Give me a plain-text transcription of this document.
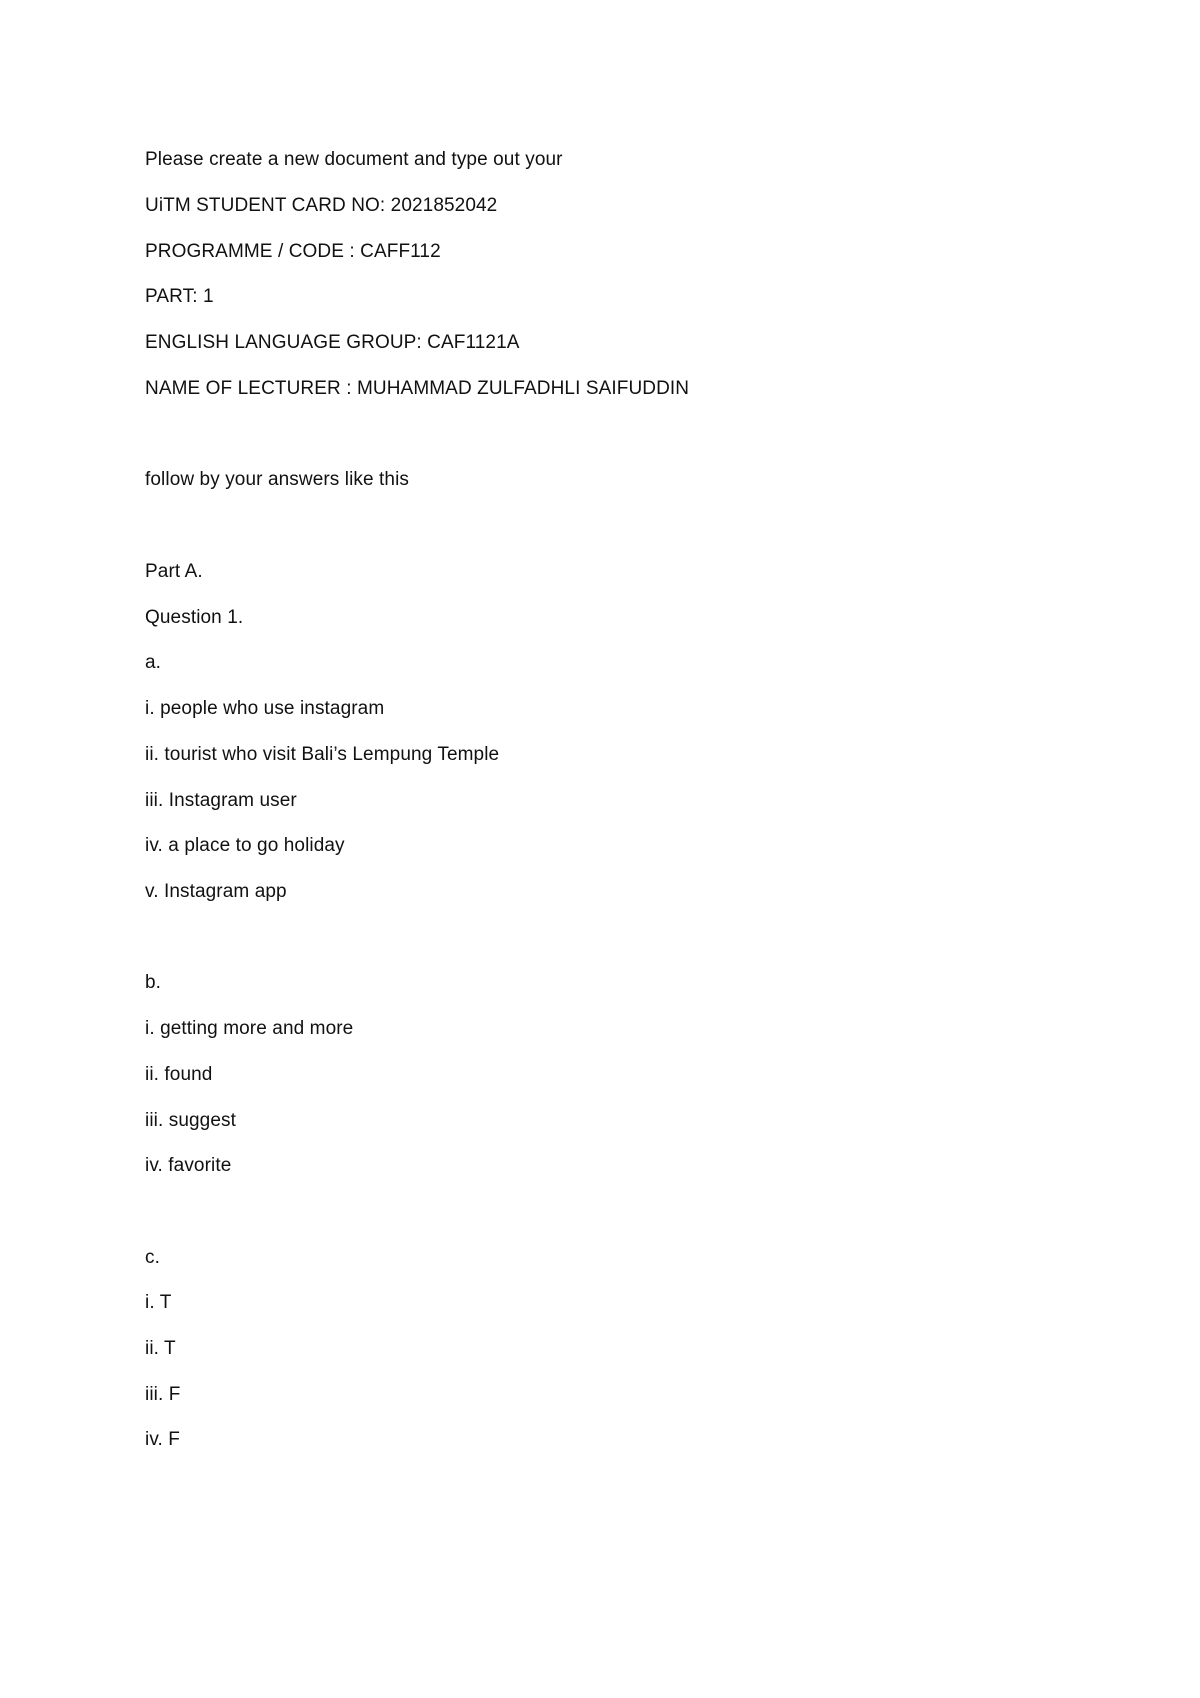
Please create a new document and type out your
UiTM STUDENT CARD NO: 2021852042
PROGRAMME / CODE : CAFF112
PART: 1
ENGLISH LANGUAGE GROUP: CAF1121A
NAME OF LECTURER : MUHAMMAD ZULFADHLI SAIFUDDIN
follow by your answers like this
Part A.
Question 1.
a.
i. people who use instagram
ii. tourist who visit Bali’s Lempung Temple
iii. Instagram user
iv. a place to go holiday
v. Instagram app
b.
i. getting more and more
ii. found
iii. suggest
iv. favorite
c.
i. T
ii. T
iii. F
iv. F
